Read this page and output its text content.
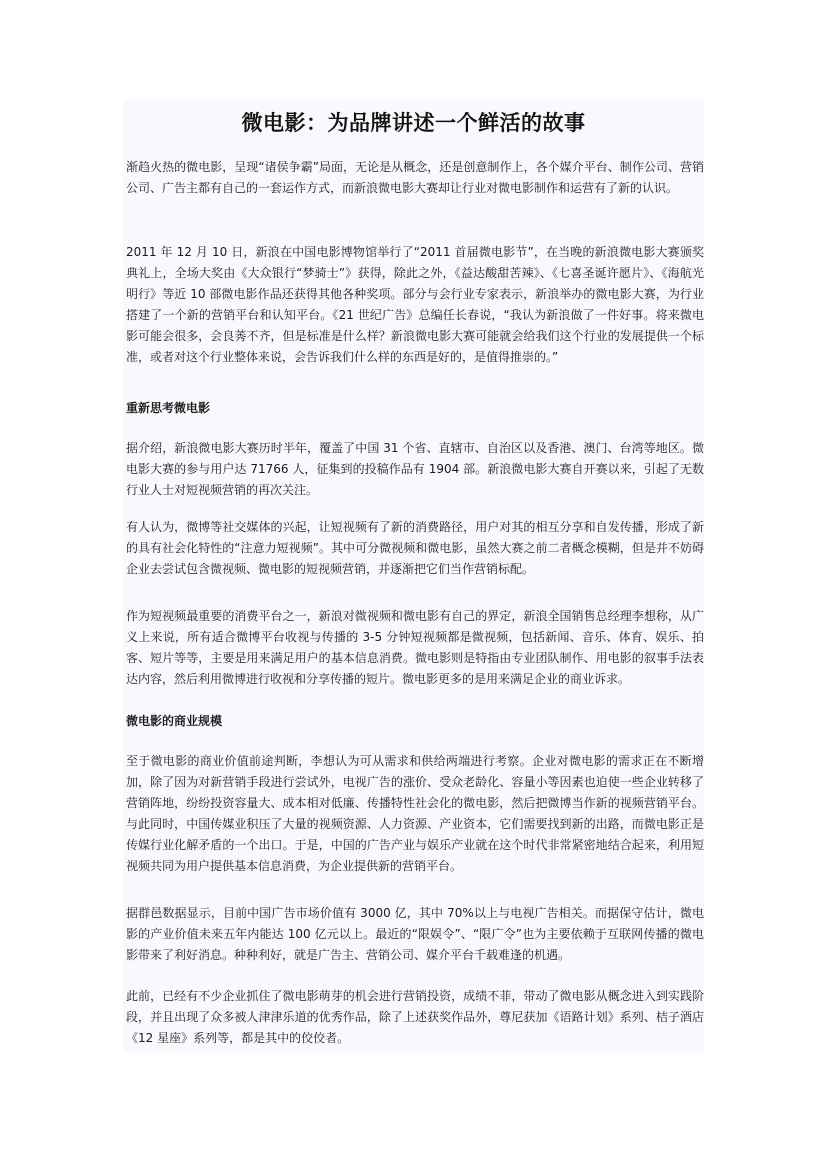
微电影：为品牌讲述一个鲜活的故事

渐趋火热的微电影，呈现“诸侯争霸”局面，无论是从概念，还是创意制作上，各个媒介平台、制作公司、营销公司、广告主都有自己的一套运作方式，而新浪微电影大赛却让行业对微电影制作和运营有了新的认识。

2011 年 12 月 10 日，新浪在中国电影博物馆举行了“2011 首届微电影节”，在当晚的新浪微电影大赛颁奖典礼上，全场大奖由《大众银行“梦骑士”》获得，除此之外，《益达酸甜苦辣》、《七喜圣诞许愿片》、《海航光明行》等近 10 部微电影作品还获得其他各种奖项。部分与会行业专家表示，新浪举办的微电影大赛，为行业搭建了一个新的营销平台和认知平台。《21 世纪广告》总编任长春说，“我认为新浪做了一件好事。将来微电影可能会很多，会良莠不齐，但是标准是什么样？新浪微电影大赛可能就会给我们这个行业的发展提供一个标准，或者对这个行业整体来说，会告诉我们什么样的东西是好的，是值得推崇的。”

重新思考微电影

据介绍，新浪微电影大赛历时半年，覆盖了中国 31 个省、直辖市、自治区以及香港、澳门、台湾等地区。微电影大赛的参与用户达 71766 人，征集到的投稿作品有 1904 部。新浪微电影大赛自开赛以来，引起了无数行业人士对短视频营销的再次关注。

有人认为，微博等社交媒体的兴起，让短视频有了新的消费路径，用户对其的相互分享和自发传播，形成了新的具有社会化特性的“注意力短视频”。其中可分微视频和微电影，虽然大赛之前二者概念模糊，但是并不妨碍企业去尝试包含微视频、微电影的短视频营销，并逐渐把它们当作营销标配。

作为短视频最重要的消费平台之一，新浪对微视频和微电影有自己的界定，新浪全国销售总经理李想称，从广义上来说，所有适合微博平台收视与传播的 3-5 分钟短视频都是微视频，包括新闻、音乐、体育、娱乐、拍客、短片等等，主要是用来满足用户的基本信息消费。微电影则是特指由专业团队制作、用电影的叙事手法表达内容，然后利用微博进行收视和分享传播的短片。微电影更多的是用来满足企业的商业诉求。

微电影的商业规模

至于微电影的商业价值前途判断，李想认为可从需求和供给两端进行考察。企业对微电影的需求正在不断增加，除了因为对新营销手段进行尝试外，电视广告的涨价、受众老龄化、容量小等因素也迫使一些企业转移了营销阵地，纷纷投资容量大、成本相对低廉、传播特性社会化的微电影，然后把微博当作新的视频营销平台。与此同时，中国传媒业积压了大量的视频资源、人力资源、产业资本，它们需要找到新的出路，而微电影正是传媒行业化解矛盾的一个出口。于是，中国的广告产业与娱乐产业就在这个时代非常紧密地结合起来，利用短视频共同为用户提供基本信息消费，为企业提供新的营销平台。

据群邑数据显示，目前中国广告市场价值有 3000 亿，其中 70%以上与电视广告相关。而据保守估计，微电影的产业价值未来五年内能达 100 亿元以上。最近的“限娱令”、“限广令”也为主要依赖于互联网传播的微电影带来了利好消息。种种利好，就是广告主、营销公司、媒介平台千载难逢的机遇。

此前，已经有不少企业抓住了微电影萌芽的机会进行营销投资，成绩不菲，带动了微电影从概念进入到实践阶段，并且出现了众多被人津津乐道的优秀作品，除了上述获奖作品外，尊尼获加《语路计划》系列、桔子酒店《12 星座》系列等，都是其中的佼佼者。
